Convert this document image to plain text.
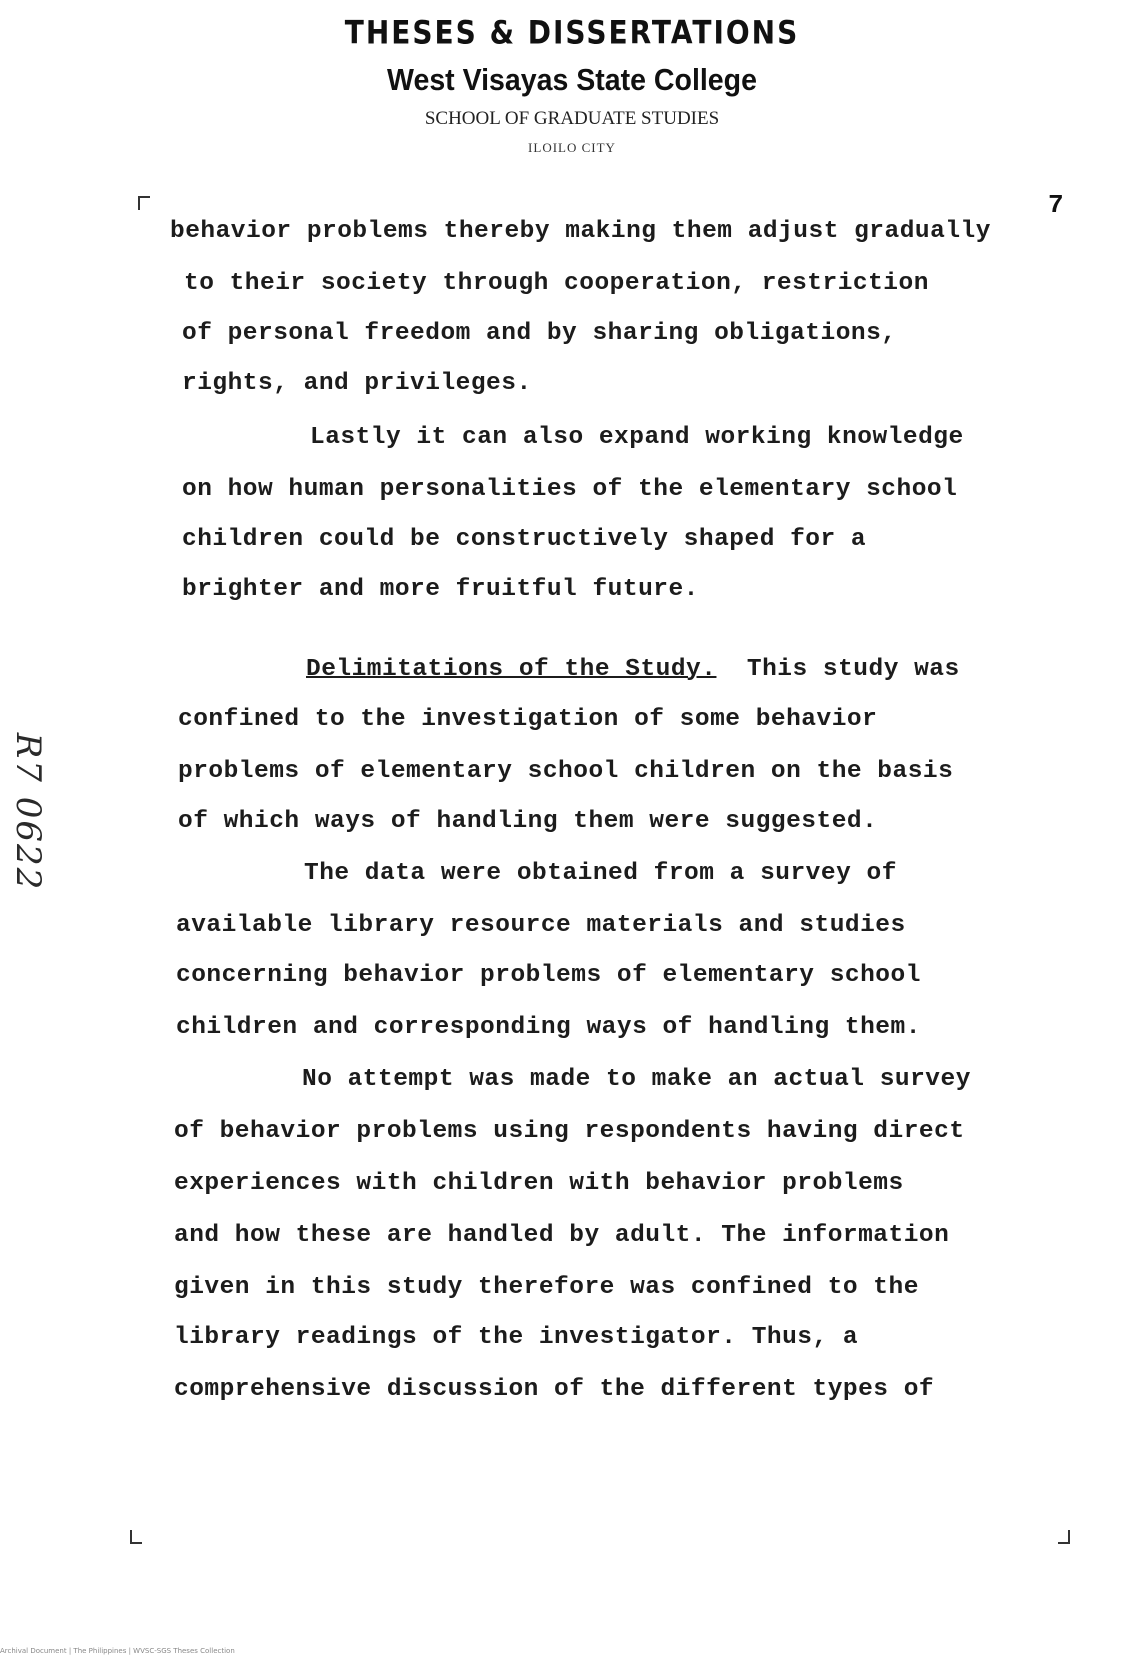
THESES & DISSERTATIONS
West Visayas State College
SCHOOL OF GRADUATE STUDIES
ILOILO CITY
7
R7 0622
behavior problems thereby making them adjust gradually
to their society through cooperation, restriction
of personal freedom and by sharing obligations,
rights, and privileges.
Lastly it can also expand working knowledge
on how human personalities of the elementary school
children could be constructively shaped for a
brighter and more fruitful future.
Delimitations of the Study. This study was
confined to the investigation of some behavior
problems of elementary school children on the basis
of which ways of handling them were suggested.
The data were obtained from a survey of
available library resource materials and studies
concerning behavior problems of elementary school
children and corresponding ways of handling them.
No attempt was made to make an actual survey
of behavior problems using respondents having direct
experiences with children with behavior problems
and how these are handled by adult. The information
given in this study therefore was confined to the
library readings of the investigator. Thus, a
comprehensive discussion of the different types of
Archival Document | The Philippines | WVSC-SGS Theses Collection
